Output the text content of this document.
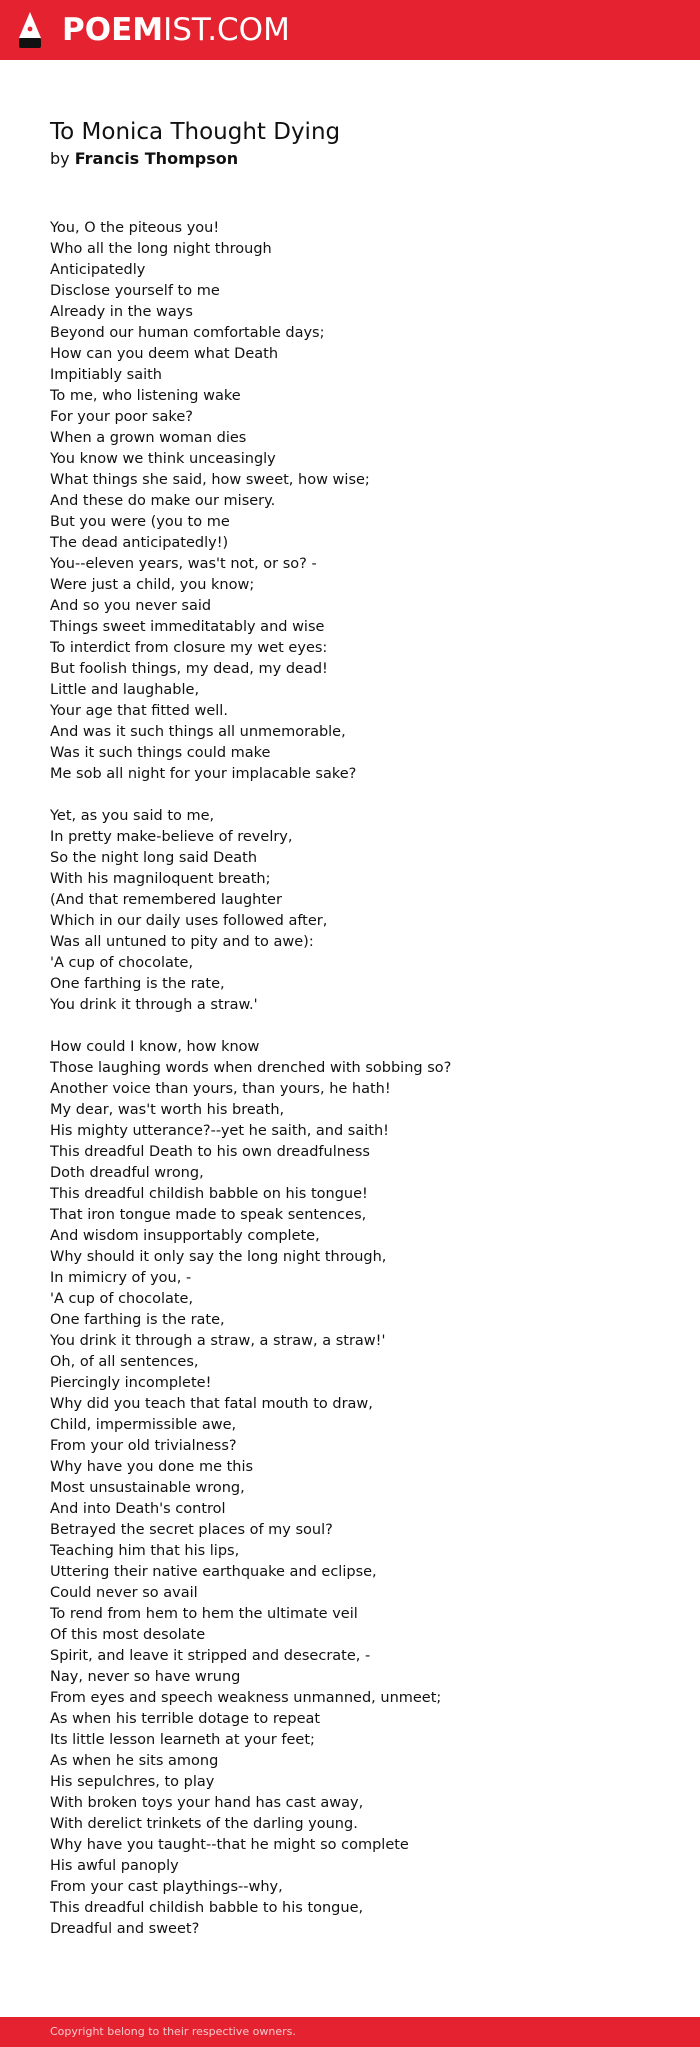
POEMIST.COM
To Monica Thought Dying
by Francis Thompson
You, O the piteous you!
Who all the long night through
Anticipatedly
Disclose yourself to me
Already in the ways
Beyond our human comfortable days;
How can you deem what Death
Impitiably saith
To me, who listening wake
For your poor sake?
When a grown woman dies
You know we think unceasingly
What things she said, how sweet, how wise;
And these do make our misery.
But you were (you to me
The dead anticipatedly!)
You--eleven years, was't not, or so? -
Were just a child, you know;
And so you never said
Things sweet immeditatably and wise
To interdict from closure my wet eyes:
But foolish things, my dead, my dead!
Little and laughable,
Your age that fitted well.
And was it such things all unmemorable,
Was it such things could make
Me sob all night for your implacable sake?
Yet, as you said to me,
In pretty make-believe of revelry,
So the night long said Death
With his magniloquent breath;
(And that remembered laughter
Which in our daily uses followed after,
Was all untuned to pity and to awe):
'A cup of chocolate,
One farthing is the rate,
You drink it through a straw.'
How could I know, how know
Those laughing words when drenched with sobbing so?
Another voice than yours, than yours, he hath!
My dear, was't worth his breath,
His mighty utterance?--yet he saith, and saith!
This dreadful Death to his own dreadfulness
Doth dreadful wrong,
This dreadful childish babble on his tongue!
That iron tongue made to speak sentences,
And wisdom insupportably complete,
Why should it only say the long night through,
In mimicry of you, -
'A cup of chocolate,
One farthing is the rate,
You drink it through a straw, a straw, a straw!'
Oh, of all sentences,
Piercingly incomplete!
Why did you teach that fatal mouth to draw,
Child, impermissible awe,
From your old trivialness?
Why have you done me this
Most unsustainable wrong,
And into Death's control
Betrayed the secret places of my soul?
Teaching him that his lips,
Uttering their native earthquake and eclipse,
Could never so avail
To rend from hem to hem the ultimate veil
Of this most desolate
Spirit, and leave it stripped and desecrate, -
Nay, never so have wrung
From eyes and speech weakness unmanned, unmeet;
As when his terrible dotage to repeat
Its little lesson learneth at your feet;
As when he sits among
His sepulchres, to play
With broken toys your hand has cast away,
With derelict trinkets of the darling young.
Why have you taught--that he might so complete
His awful panoply
From your cast playthings--why,
This dreadful childish babble to his tongue,
Dreadful and sweet?
Copyright belong to their respective owners.
